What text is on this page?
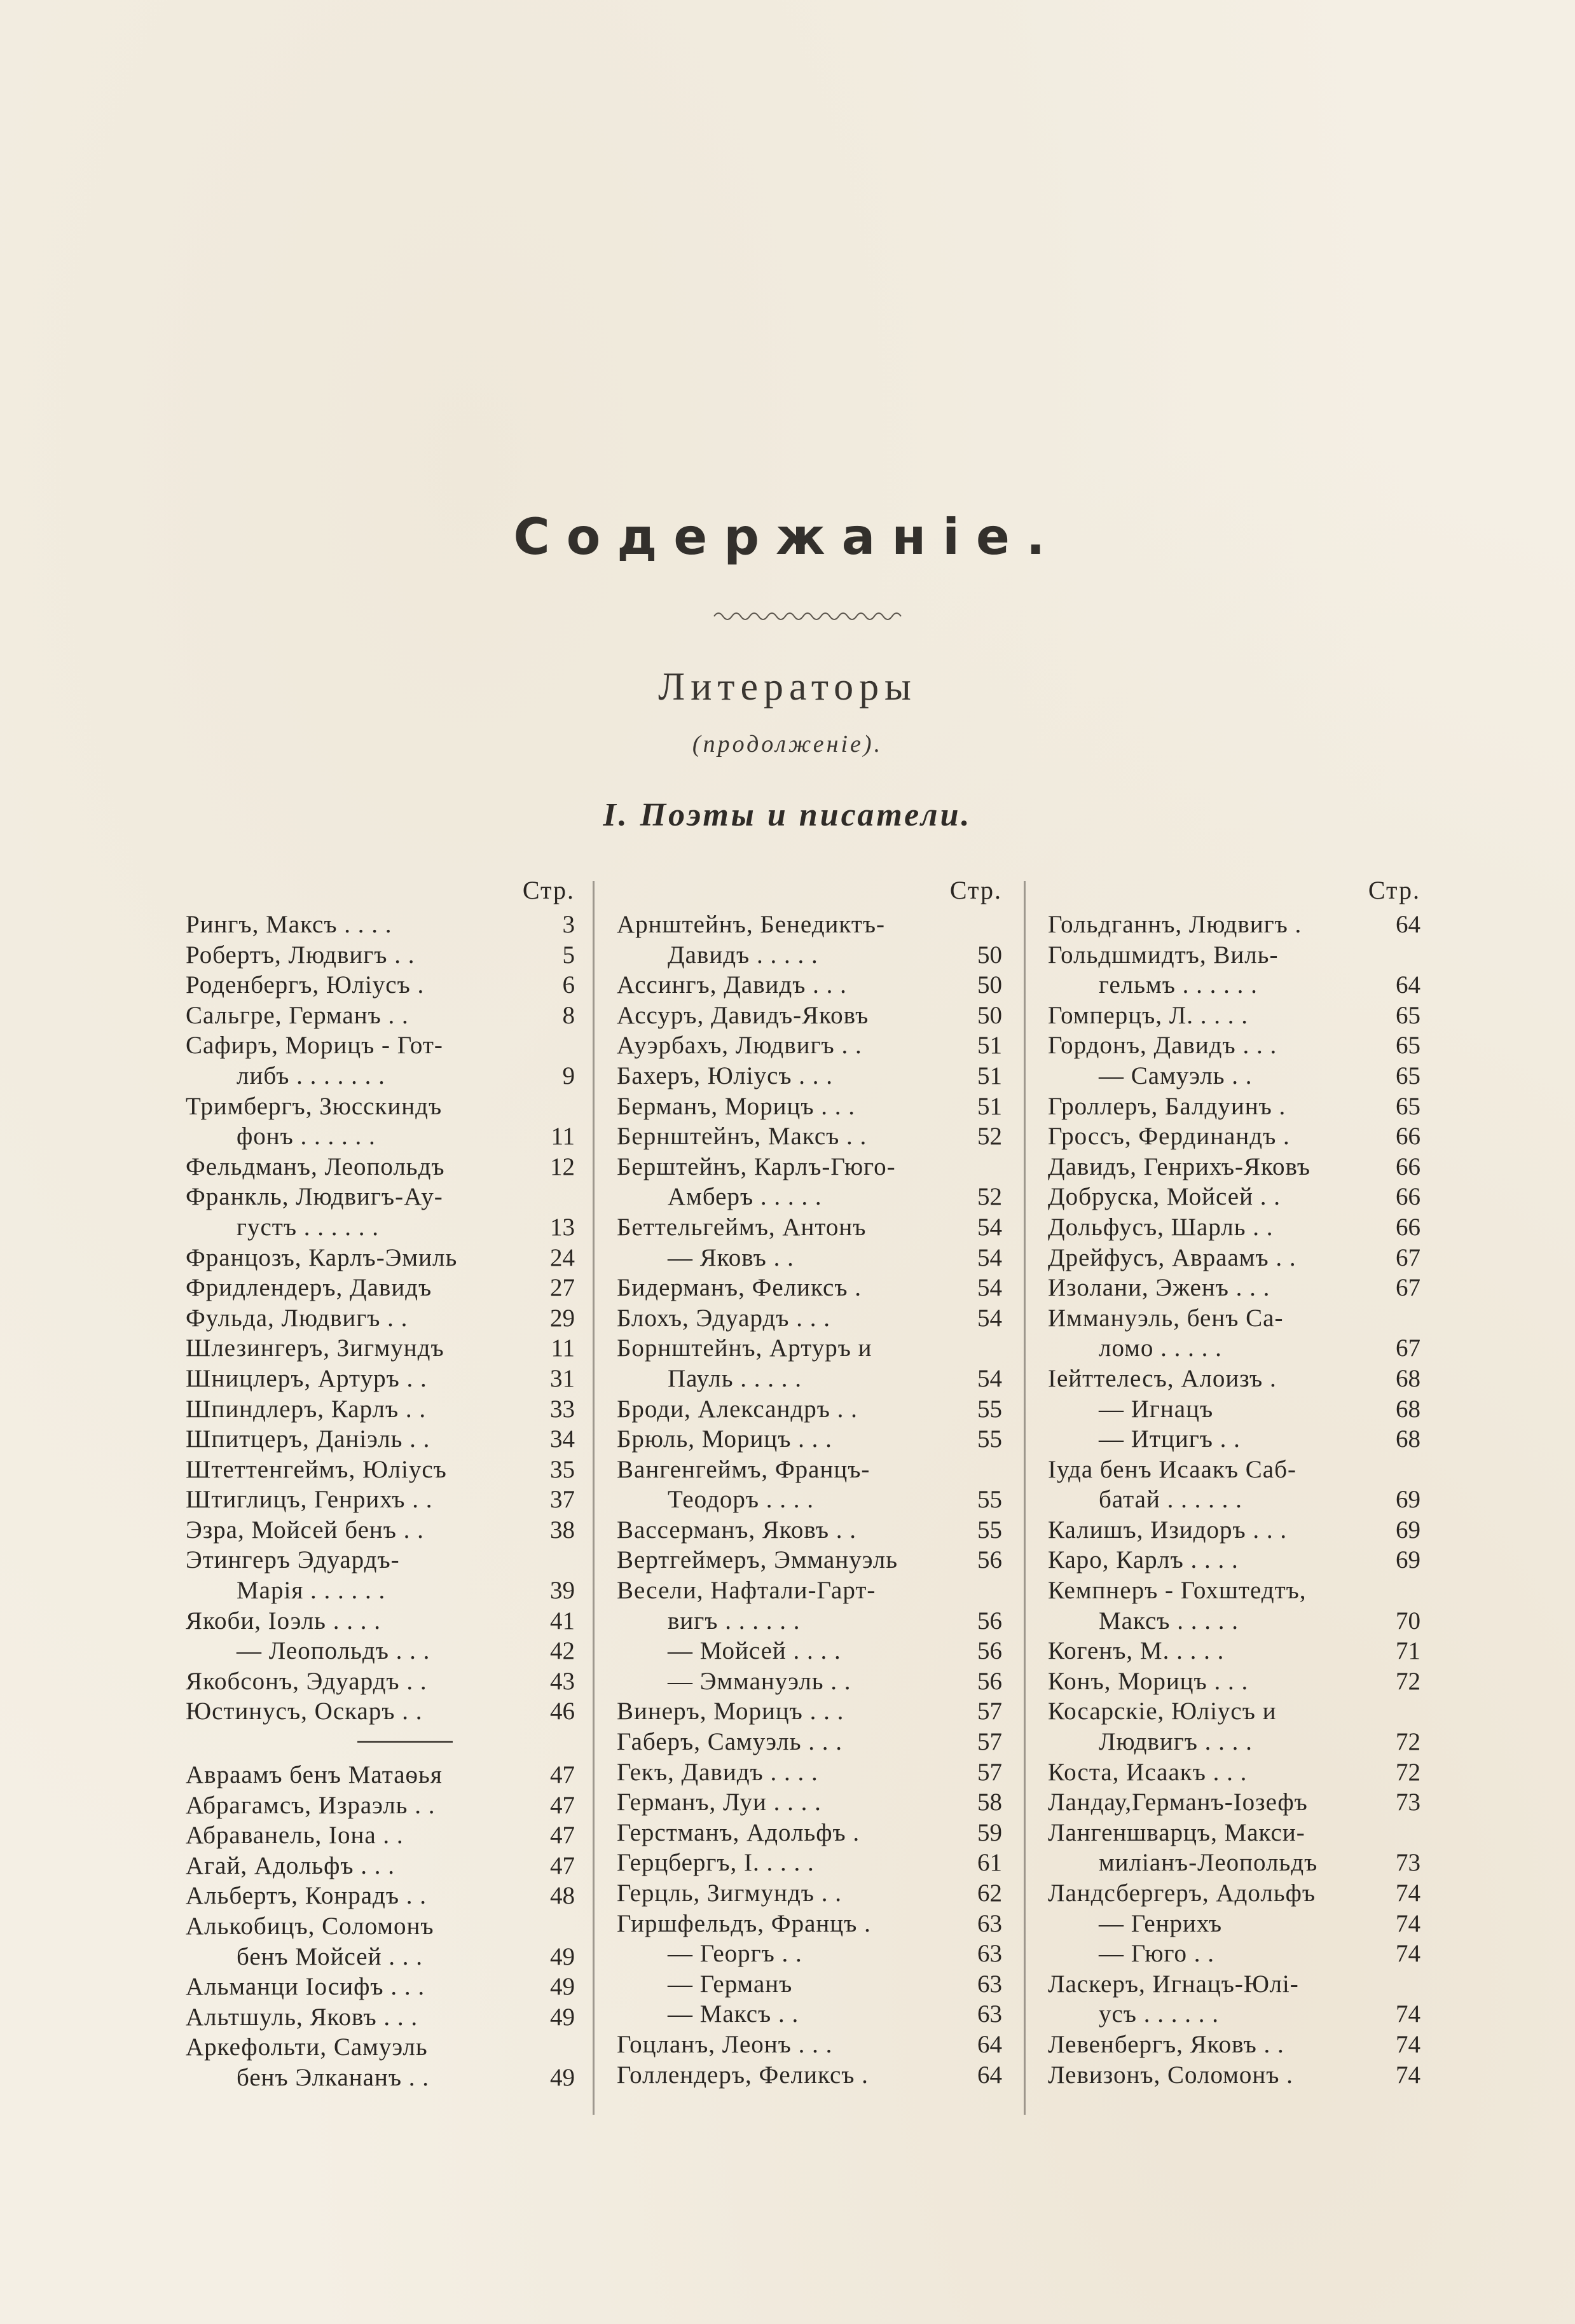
Содержаніе.
Литераторы
(продолженіе).
I. Поэты и писатели.
Стр.
Рингъ, Максъ . . . .	3
Робертъ, Людвигъ . .	5
Роденбергъ, Юліусъ .	6
Сальгре, Германъ . .	8
Сафиръ, Морицъ - Гот-
либъ . . . . . . .	9
Тримбергъ, Зюсскиндъ
фонъ . . . . . .	11
Фельдманъ, Леопольдъ	12
Франкль, Людвигъ-Ау-
густъ . . . . . .	13
Францозъ, Карлъ-Эмиль	24
Фридлендеръ, Давидъ	27
Фульда, Людвигъ . .	29
Шлезингеръ, Зигмундъ	11
Шницлеръ, Артуръ . .	31
Шпиндлеръ, Карлъ . .	33
Шпитцеръ, Даніэль . .	34
Штеттенгеймъ, Юліусъ	35
Штиглицъ, Генрихъ . .	37
Эзра, Мойсей бенъ . .	38
Этингеръ Эдуардъ-
Марія . . . . . .	39
Якоби, Іоэль . . . .	41
— Леопольдъ . . .	42
Якобсонъ, Эдуардъ . .	43
Юстинусъ, Оскаръ . .	46
Авраамъ бенъ Матаѳья	47
Абрагамсъ, Израэль . .	47
Абраванель, Іона . .	47
Агай, Адольфъ . . .	47
Альбертъ, Конрадъ . .	48
Алькобицъ, Соломонъ
бенъ Мойсей . . .	49
Альманци Іосифъ . . .	49
Альтшуль, Яковъ . . .	49
Аркефольти, Самуэль
бенъ Элкананъ . .	49
Стр.
Арнштейнъ, Бенедиктъ-
Давидъ . . . . .	50
Ассингъ, Давидъ . . .	50
Ассуръ, Давидъ-Яковъ	50
Ауэрбахъ, Людвигъ . .	51
Бахеръ, Юліусъ . . .	51
Берманъ, Морицъ . . .	51
Бернштейнъ, Максъ . .	52
Берштейнъ, Карлъ-Гюго-
Амберъ . . . . .	52
Беттельгеймъ, Антонъ	54
— Яковъ . .	54
Бидерманъ, Феликсъ .	54
Блохъ, Эдуардъ . . .	54
Борнштейнъ, Артуръ и
Пауль . . . . .	54
Броди, Александръ . .	55
Брюль, Морицъ . . .	55
Вангенгеймъ, Францъ-
Теодоръ . . . .	55
Вассерманъ, Яковъ . .	55
Вертгеймеръ, Эммануэль	56
Весели, Нафтали-Гарт-
вигъ . . . . . .	56
— Мойсей . . . .	56
— Эммануэль . .	56
Винеръ, Морицъ . . .	57
Габеръ, Самуэль . . .	57
Гекъ, Давидъ . . . .	57
Германъ, Луи . . . .	58
Герстманъ, Адольфъ .	59
Герцбергъ, І. . . . .	61
Герцль, Зигмундъ . .	62
Гиршфельдъ, Францъ .	63
— Георгъ . .	63
— Германъ	63
— Максъ . .	63
Гоцланъ, Леонъ . . .	64
Голлендеръ, Феликсъ .	64
Стр.
Гольдганнъ, Людвигъ .	64
Гольдшмидтъ, Виль-
гельмъ . . . . . .	64
Гомперцъ, Л. . . . .	65
Гордонъ, Давидъ . . .	65
— Самуэль . .	65
Гроллеръ, Балдуинъ .	65
Гроссъ, Фердинандъ .	66
Давидъ, Генрихъ-Яковъ	66
Добруска, Мойсей . .	66
Дольфусъ, Шарль . .	66
Дрейфусъ, Авраамъ . .	67
Изолани, Эженъ . . .	67
Иммануэль, бенъ Са-
ломо . . . . .	67
Іейттелесъ, Алоизъ .	68
— Игнацъ	68
— Итцигъ . .	68
Іуда бенъ Исаакъ Саб-
батай . . . . . .	69
Калишъ, Изидоръ . . .	69
Каро, Карлъ . . . .	69
Кемпнеръ - Гохштедтъ,
Максъ . . . . .	70
Когенъ, М. . . . .	71
Конъ, Морицъ . . .	72
Косарскіе, Юліусъ и
Людвигъ . . . .	72
Коста, Исаакъ . . .	72
Ландау,Германъ-Іозефъ	73
Лангеншварцъ, Макси-
миліанъ-Леопольдъ	73
Ландсбергеръ, Адольфъ	74
— Генрихъ	74
— Гюго . .	74
Ласкеръ, Игнацъ-Юлі-
усъ . . . . . .	74
Левенбергъ, Яковъ . .	74
Левизонъ, Соломонъ .	74
